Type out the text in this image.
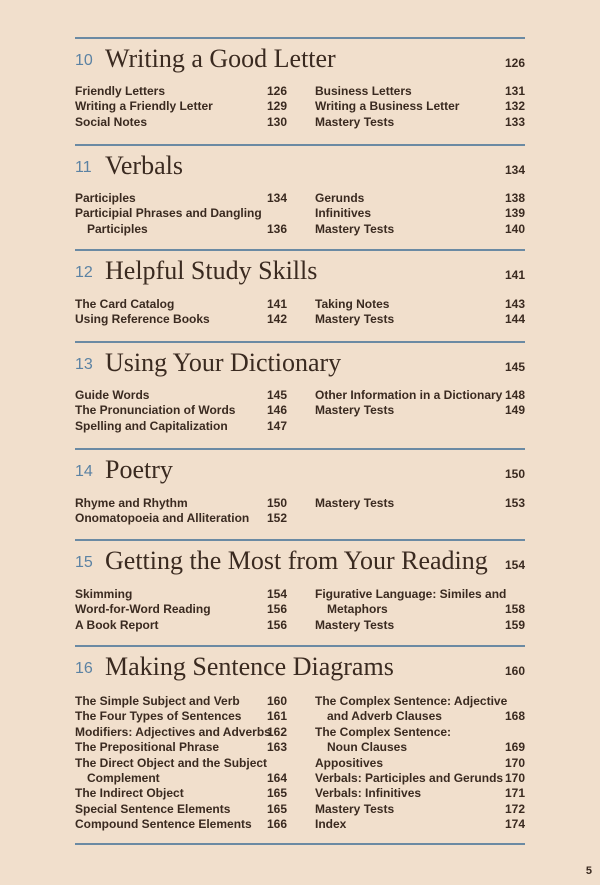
10 Writing a Good Letter	126
Friendly Letters	126
Writing a Friendly Letter	129
Social Notes	130
Business Letters	131
Writing a Business Letter	132
Mastery Tests	133
11 Verbals	134
Participles	134
Participial Phrases and Dangling
Participles	136
Gerunds	138
Infinitives	139
Mastery Tests	140
12 Helpful Study Skills	141
The Card Catalog	141
Using Reference Books	142
Taking Notes	143
Mastery Tests	144
13 Using Your Dictionary	145
Guide Words	145
The Pronunciation of Words	146
Spelling and Capitalization	147
Other Information in a Dictionary 148
Mastery Tests	149
14 Poetry	150
Rhyme and Rhythm	150
Onomatopoeia and Alliteration 152
Mastery Tests	153
15 Getting the Most from Your Reading 154
Skimming	154
Word-for-Word Reading	156
A Book Report	156
Figurative Language: Similes and
Metaphors	158
Mastery Tests	159
16 Making Sentence Diagrams	160
The Simple Subject and Verb 160
The Four Types of Sentences 161
Modifiers: Adjectives and Adverbs
162
The Prepositional Phrase	163
The Direct Object and the Subject
Complement	164
The Indirect Object	165
Special Sentence Elements	165
Compound Sentence Elements 166
The Complex Sentence: Adjective
and Adverb Clauses	168
The Complex Sentence:
Noun Clauses	169
Appositives	170
Verbals: Participles and Gerunds 170
Verbals: Infinitives	171
Mastery Tests	172
Index	174
5
